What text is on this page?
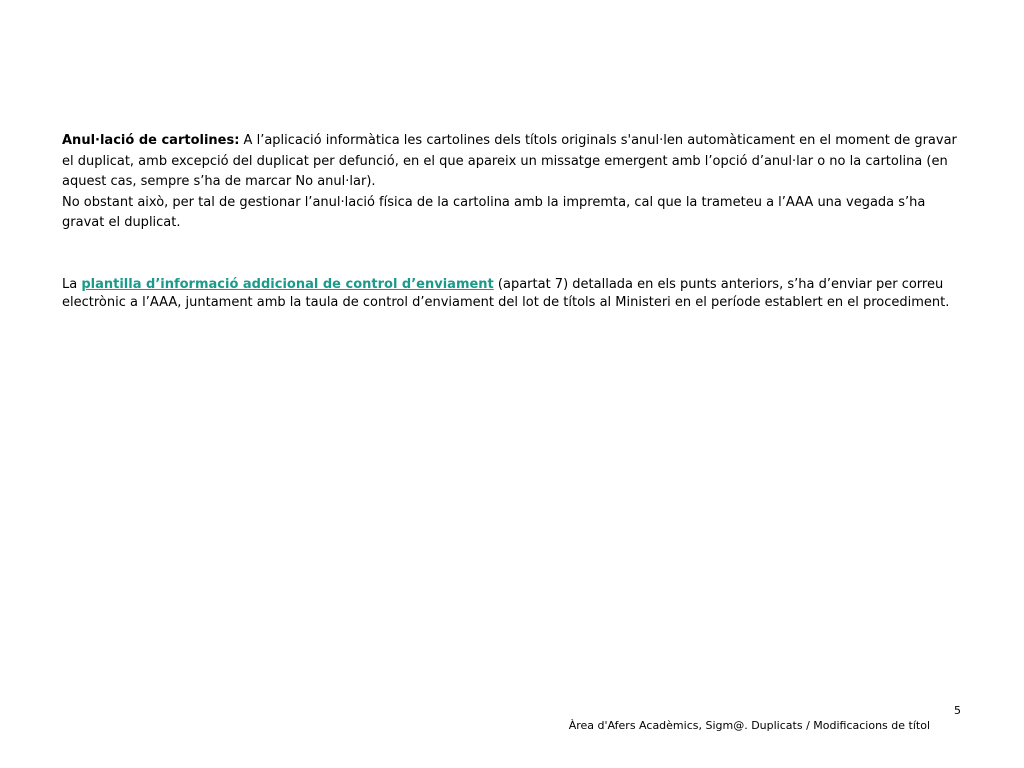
Anul·lació de cartolines: A l’aplicació informàtica les cartolines dels títols originals s'anul·len automàticament en el moment de gravar el duplicat, amb excepció del duplicat per defunció, en el que apareix un missatge emergent amb l’opció d’anul·lar o no la cartolina (en aquest cas, sempre s’ha de marcar No anul·lar).
No obstant això, per tal de gestionar l’anul·lació física de la cartolina amb la impremta, cal que la trameteu a l’AAA una vegada s’ha gravat el duplicat.
La plantilla d’informació addicional de control d’enviament (apartat 7) detallada en els punts anteriors, s’ha d’enviar per correu electrònic a l’AAA, juntament amb la taula de control d’enviament del lot de títols al Ministeri en el període establert en el procediment.
5
Àrea d'Afers Acadèmics, Sigm@. Duplicats / Modificacions de títol
